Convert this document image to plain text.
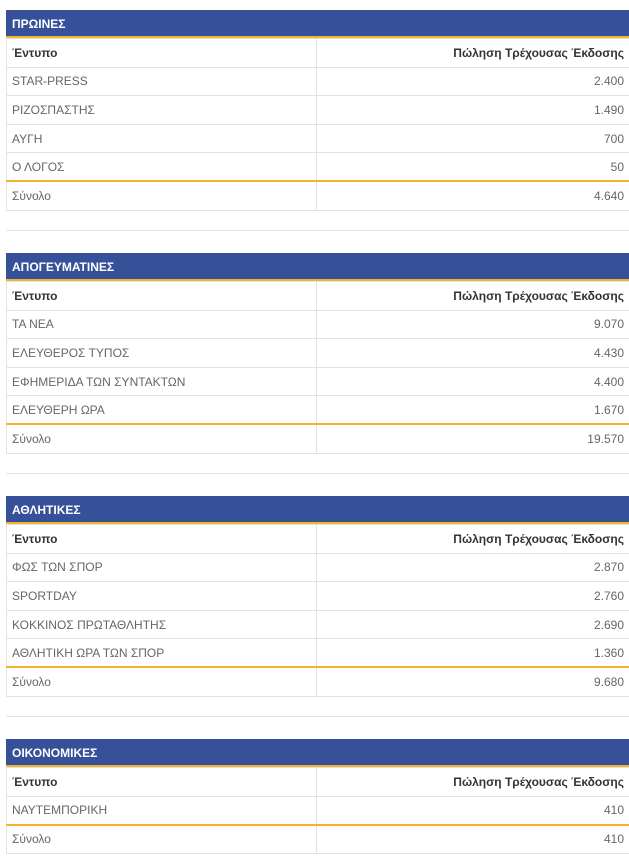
ΠΡΩΙΝΕΣ
Έντυπο	Πώληση Τρέχουσας Έκδοσης
STAR-PRESS	2.400
ΡΙΖΟΣΠΑΣΤΗΣ	1.490
ΑΥΓΗ	700
Ο ΛΟΓΟΣ	50
Σύνολο	4.640
ΑΠΟΓΕΥΜΑΤΙΝΕΣ
Έντυπο	Πώληση Τρέχουσας Έκδοσης
ΤΑ ΝΕΑ	9.070
ΕΛΕΥΘΕΡΟΣ ΤΥΠΟΣ	4.430
ΕΦΗΜΕΡΙΔΑ ΤΩΝ ΣΥΝΤΑΚΤΩΝ	4.400
ΕΛΕΥΘΕΡΗ ΩΡΑ	1.670
Σύνολο	19.570
ΑΘΛΗΤΙΚΕΣ
Έντυπο	Πώληση Τρέχουσας Έκδοσης
ΦΩΣ ΤΩΝ ΣΠΟΡ	2.870
SPORTDAY	2.760
ΚΟΚΚΙΝΟΣ ΠΡΩΤΑΘΛΗΤΗΣ	2.690
ΑΘΛΗΤΙΚΗ ΩΡΑ ΤΩΝ ΣΠΟΡ	1.360
Σύνολο	9.680
ΟΙΚΟΝΟΜΙΚΕΣ
Έντυπο	Πώληση Τρέχουσας Έκδοσης
ΝΑΥΤΕΜΠΟΡΙΚΗ	410
Σύνολο	410
